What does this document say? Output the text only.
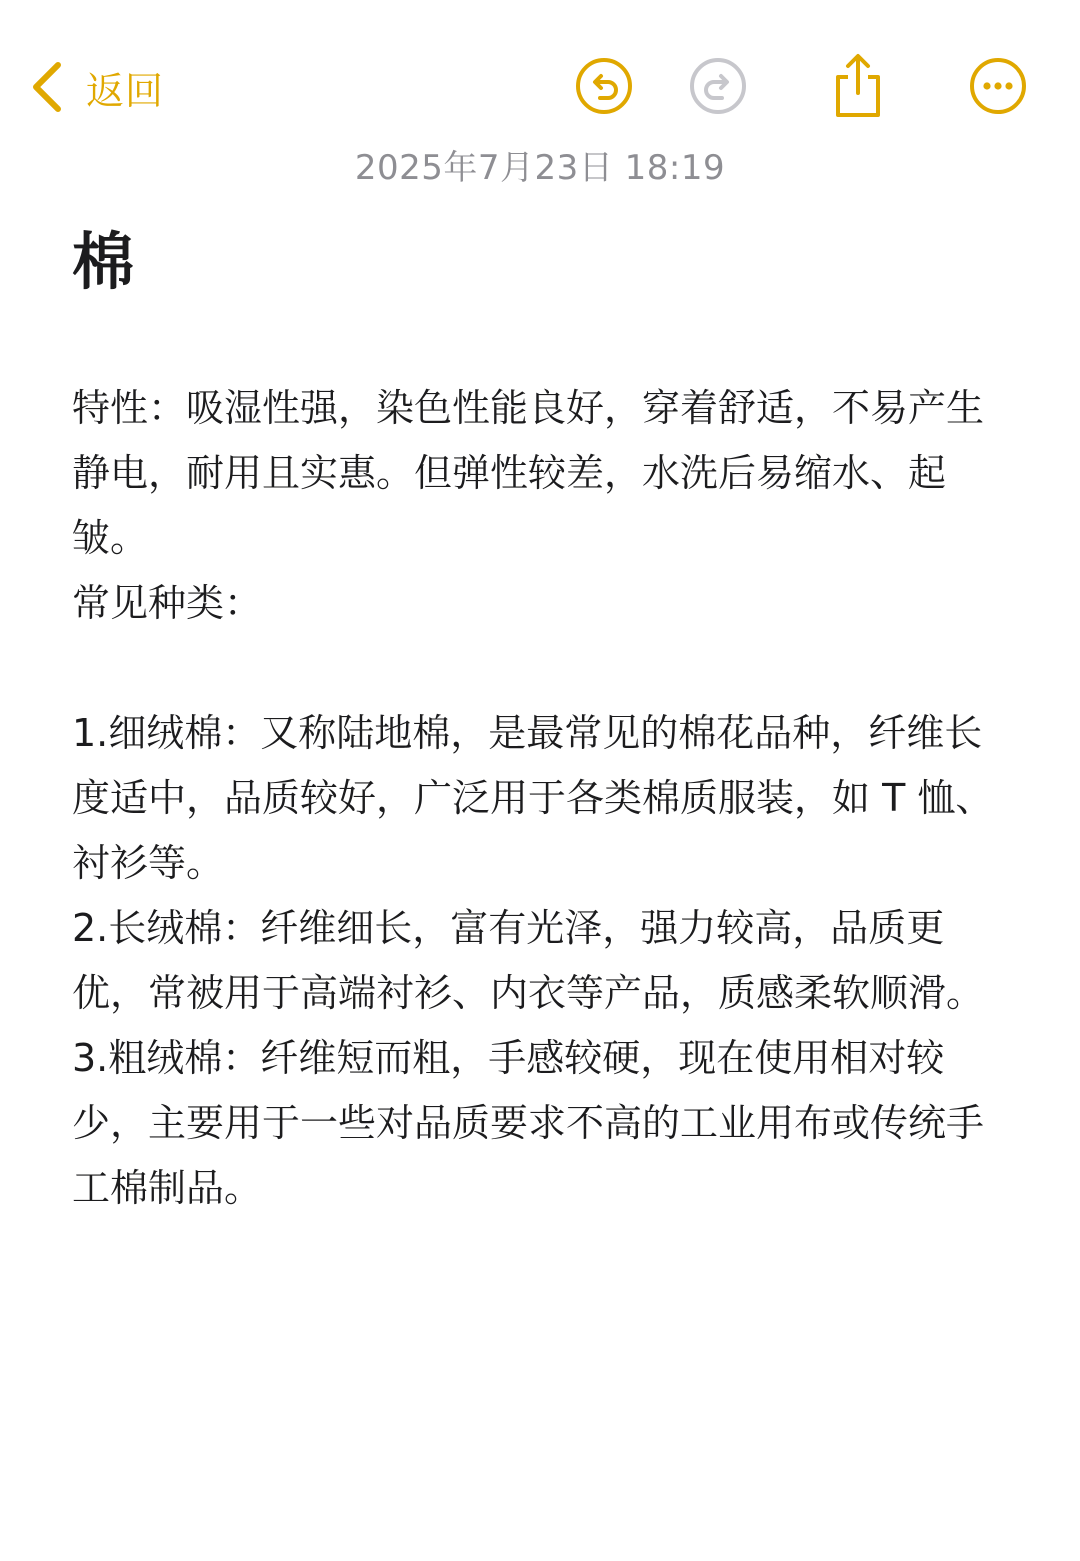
返回
2025年7月23日 18:19
棉

特性：吸湿性强，染色性能良好，穿着舒适，不易产生静电，耐用且实惠。但弹性较差，水洗后易缩水、起皱。

常见种类：

1.细绒棉：又称陆地棉，是最常见的棉花品种，纤维长度适中，品质较好，广泛用于各类棉质服装，如 T 恤、衬衫等。

2.长绒棉：纤维细长，富有光泽，强力较高，品质更优，常被用于高端衬衫、内衣等产品，质感柔软顺滑。

3.粗绒棉：纤维短而粗，手感较硬，现在使用相对较少，主要用于一些对品质要求不高的工业用布或传统手工棉制品。
